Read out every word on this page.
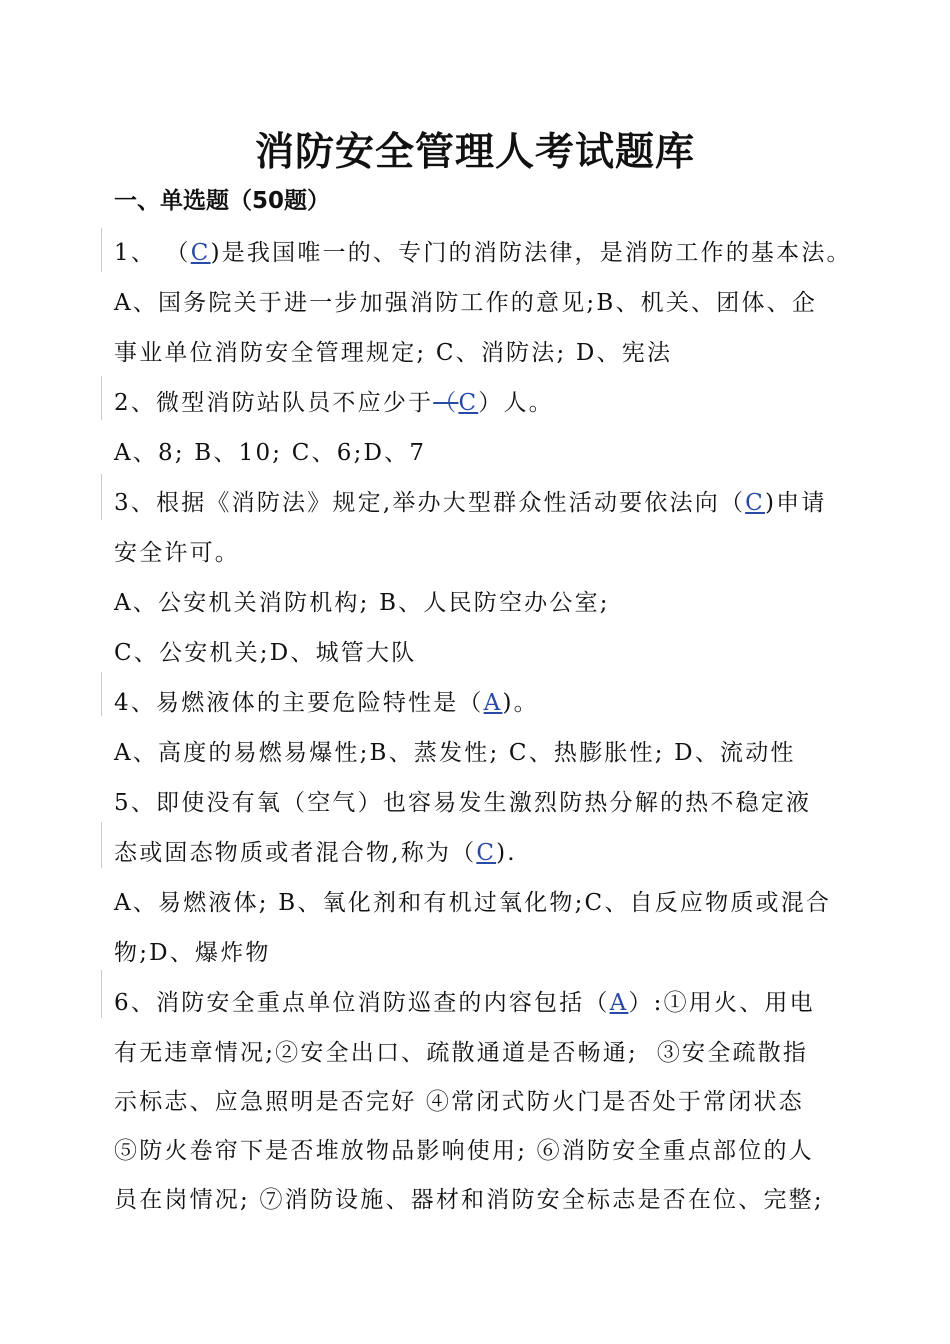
消防安全管理人考试题库
一、单选题（50题）
1、 （C)是我国唯一的、专门的消防法律，是消防工作的基本法。
A、国务院关于进一步加强消防工作的意见;B、机关、团体、企
事业单位消防安全管理规定; C、消防法; D、宪法
2、微型消防站队员不应少于（C）人。
A、8; B、10; C、6;D、7
3、根据《消防法》规定,举办大型群众性活动要依法向（C)申请
安全许可。
A、公安机关消防机构; B、人民防空办公室;
C、公安机关;D、城管大队
4、易燃液体的主要危险特性是（A)。
A、高度的易燃易爆性;B、蒸发性; C、热膨胀性; D、流动性
5、即使没有氧（空气）也容易发生激烈防热分解的热不稳定液
态或固态物质或者混合物,称为（C).
A、易燃液体; B、氧化剂和有机过氧化物;C、自反应物质或混合
物;D、爆炸物
6、消防安全重点单位消防巡查的内容包括（A）:①用火、用电
有无违章情况;②安全出口、疏散通道是否畅通;  ③安全疏散指
示标志、应急照明是否完好 ④常闭式防火门是否处于常闭状态
⑤防火卷帘下是否堆放物品影响使用; ⑥消防安全重点部位的人
员在岗情况; ⑦消防设施、器材和消防安全标志是否在位、完整;
